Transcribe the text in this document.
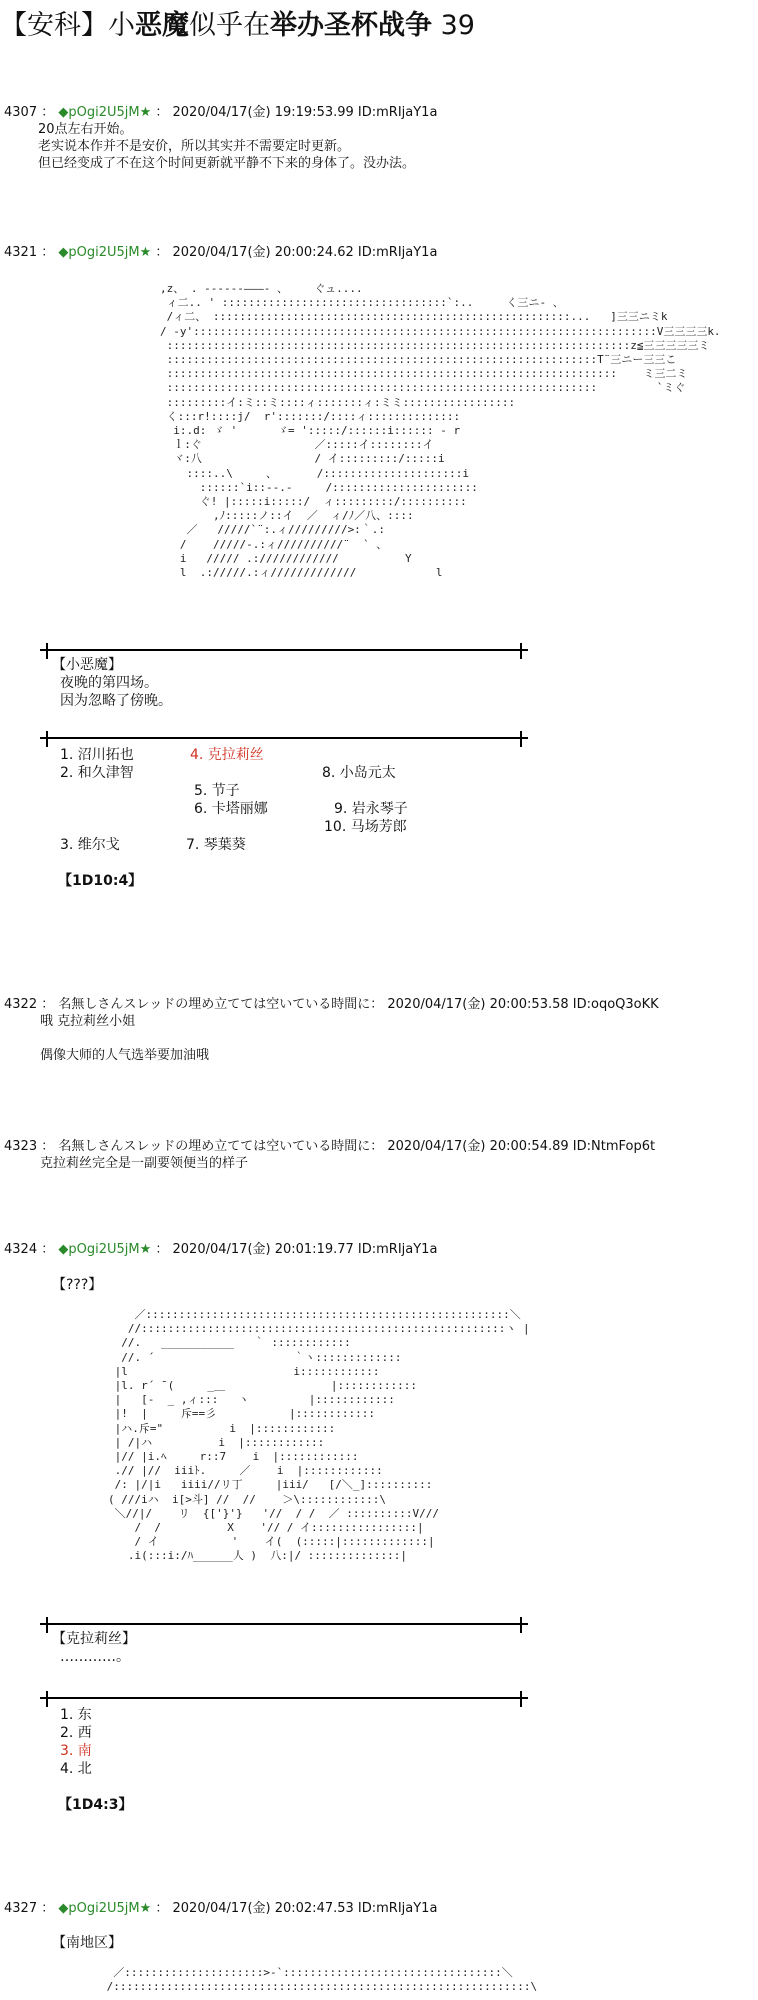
【安科】小恶魔似乎在举办圣杯战争 39
4307 ： ◆pOgi2U5jM★ ： 2020/04/17(金) 19:19:53.99 ID:mRIjaY1a
20点左右开始。
老实说本作并不是安价，所以其实并不需要定时更新。
但已经变成了不在这个时间更新就平静不下来的身体了。没办法。
4321 ： ◆pOgi2U5jM★ ： 2020/04/17(金) 20:00:24.62 ID:mRIjaY1a
,z、 . ------―――- 、    ぐュ....
ィ二.. ' ::::::::::::::::::::::::::::::::::`:..     く三ニ- 、
/ィ二、 ::::::::::::::::::::::::::::::::::::::::::::::::::::::...   ]三三ニミk
/ -y'::::::::::::::::::::::::::::::::::::::::::::::::::::::::::::::::::::::V三三三三k.
::::::::::::::::::::::::::::::::::::::::::::::::::::::::::::::::::::::z≦三三三三三ミ
:::::::::::::::::::::::::::::::::::::::::::::::::::::::::::::::::T¨三ニー三三こ
::::::::::::::::::::::::::::::::::::::::::::::::::::::::::::::::::::    ミ三二ミ
:::::::::::::::::::::::::::::::::::::::::::::::::::::::::::::::::         `ミぐ
:::::::::イ:ミ::ミ::::ィ:::::::ィ:ミミ:::::::::::::::::
く:::r!::::j/  r':::::::/::::ィ::::::::::::::
i:.d: ゞ '      ゞ= ':::::/::::::i:::::: - r
ｌ:ぐ                 ／:::::イ::::::::イ
ヾ:八                 / イ:::::::::/:::::i
::::..\     、      /:::::::::::::::::::::i
::::::`i::--.-     /::::::::::::::::::::::
ぐ! |:::::i:::::/  ィ:::::::::/::::::::::
,ﾉ:::::ノ::イ  ／  ィ/ﾉ／八、::::
／   /////`¨:.ィ/////////>:｀.:
/    /////-.:ィ//////////¨  ` 、
i   ///// .:////////////          Y
l  .://///.:ィ/////////////            l
【小恶魔】
夜晚的第四场。
因为忽略了傍晚。
1. 沼川拓也	4. 克拉莉丝
2. 和久津智	8. 小岛元太
5. 节子
6. 卡塔丽娜	9. 岩永琴子
10. 马场芳郎
3. 维尔戈	7. 琴葉葵
【1D10:4】
4322 ： 名無しさんスレッドの埋め立てては空いている時間に： 2020/04/17(金) 20:00:53.58 ID:oqoQ3oKK
哦 克拉莉丝小姐
偶像大师的人气选举要加油哦
4323 ： 名無しさんスレッドの埋め立てては空いている時間に： 2020/04/17(金) 20:00:54.89 ID:NtmFop6t
克拉莉丝完全是一副要领便当的样子
4324 ： ◆pOgi2U5jM★ ： 2020/04/17(金) 20:01:19.77 ID:mRIjaY1a
【???】
／:::::::::::::::::::::::::::::::::::::::::::::::::::::::＼
//:::::::::::::::::::::::::::::::::::::::::::::::::::::::ヽ |
//.   ___________   ｀ ::::::::::::
//. ´                     ｀ヽ:::::::::::::
|l                         i::::::::::::
|l. r´ ̄ (     _＿                |::::::::::::
|   [-  _ ,ィ:::   ヽ         |::::::::::::
|!  |     斥==彡           |::::::::::::
|ハ.斥="          i  |::::::::::::
| /|ハ          i  |::::::::::::
|// |i.ﾍ     r::7    i  |::::::::::::
.// |//  iiiﾄ.     ／    i  |::::::::::::
/: |/|i   iiii//リ丁     |iii/   [/＼_]::::::::::
( ///iハ  i[>斗] //  //    ＞\::::::::::::\
＼//|/    リ  {['}'}   '//  / /  ／ ::::::::::V///
/  /          X    '// / イ::::::::::::::::|
/ イ           '    イ(  (:::::|:::::::::::::|
.i(:::i:/ﾊ______人 )  八:|/ ::::::::::::::|
【克拉莉丝】
…………。
1. 东
2. 西
3. 南
4. 北
【1D4:3】
4327 ： ◆pOgi2U5jM★ ： 2020/04/17(金) 20:02:47.53 ID:mRIjaY1a
【南地区】
／:::::::::::::::::::::>-`:::::::::::::::::::::::::::::::::＼
/:::::::::::::::::::::::::::::::::::::::::::::::::::::::::::::::\
